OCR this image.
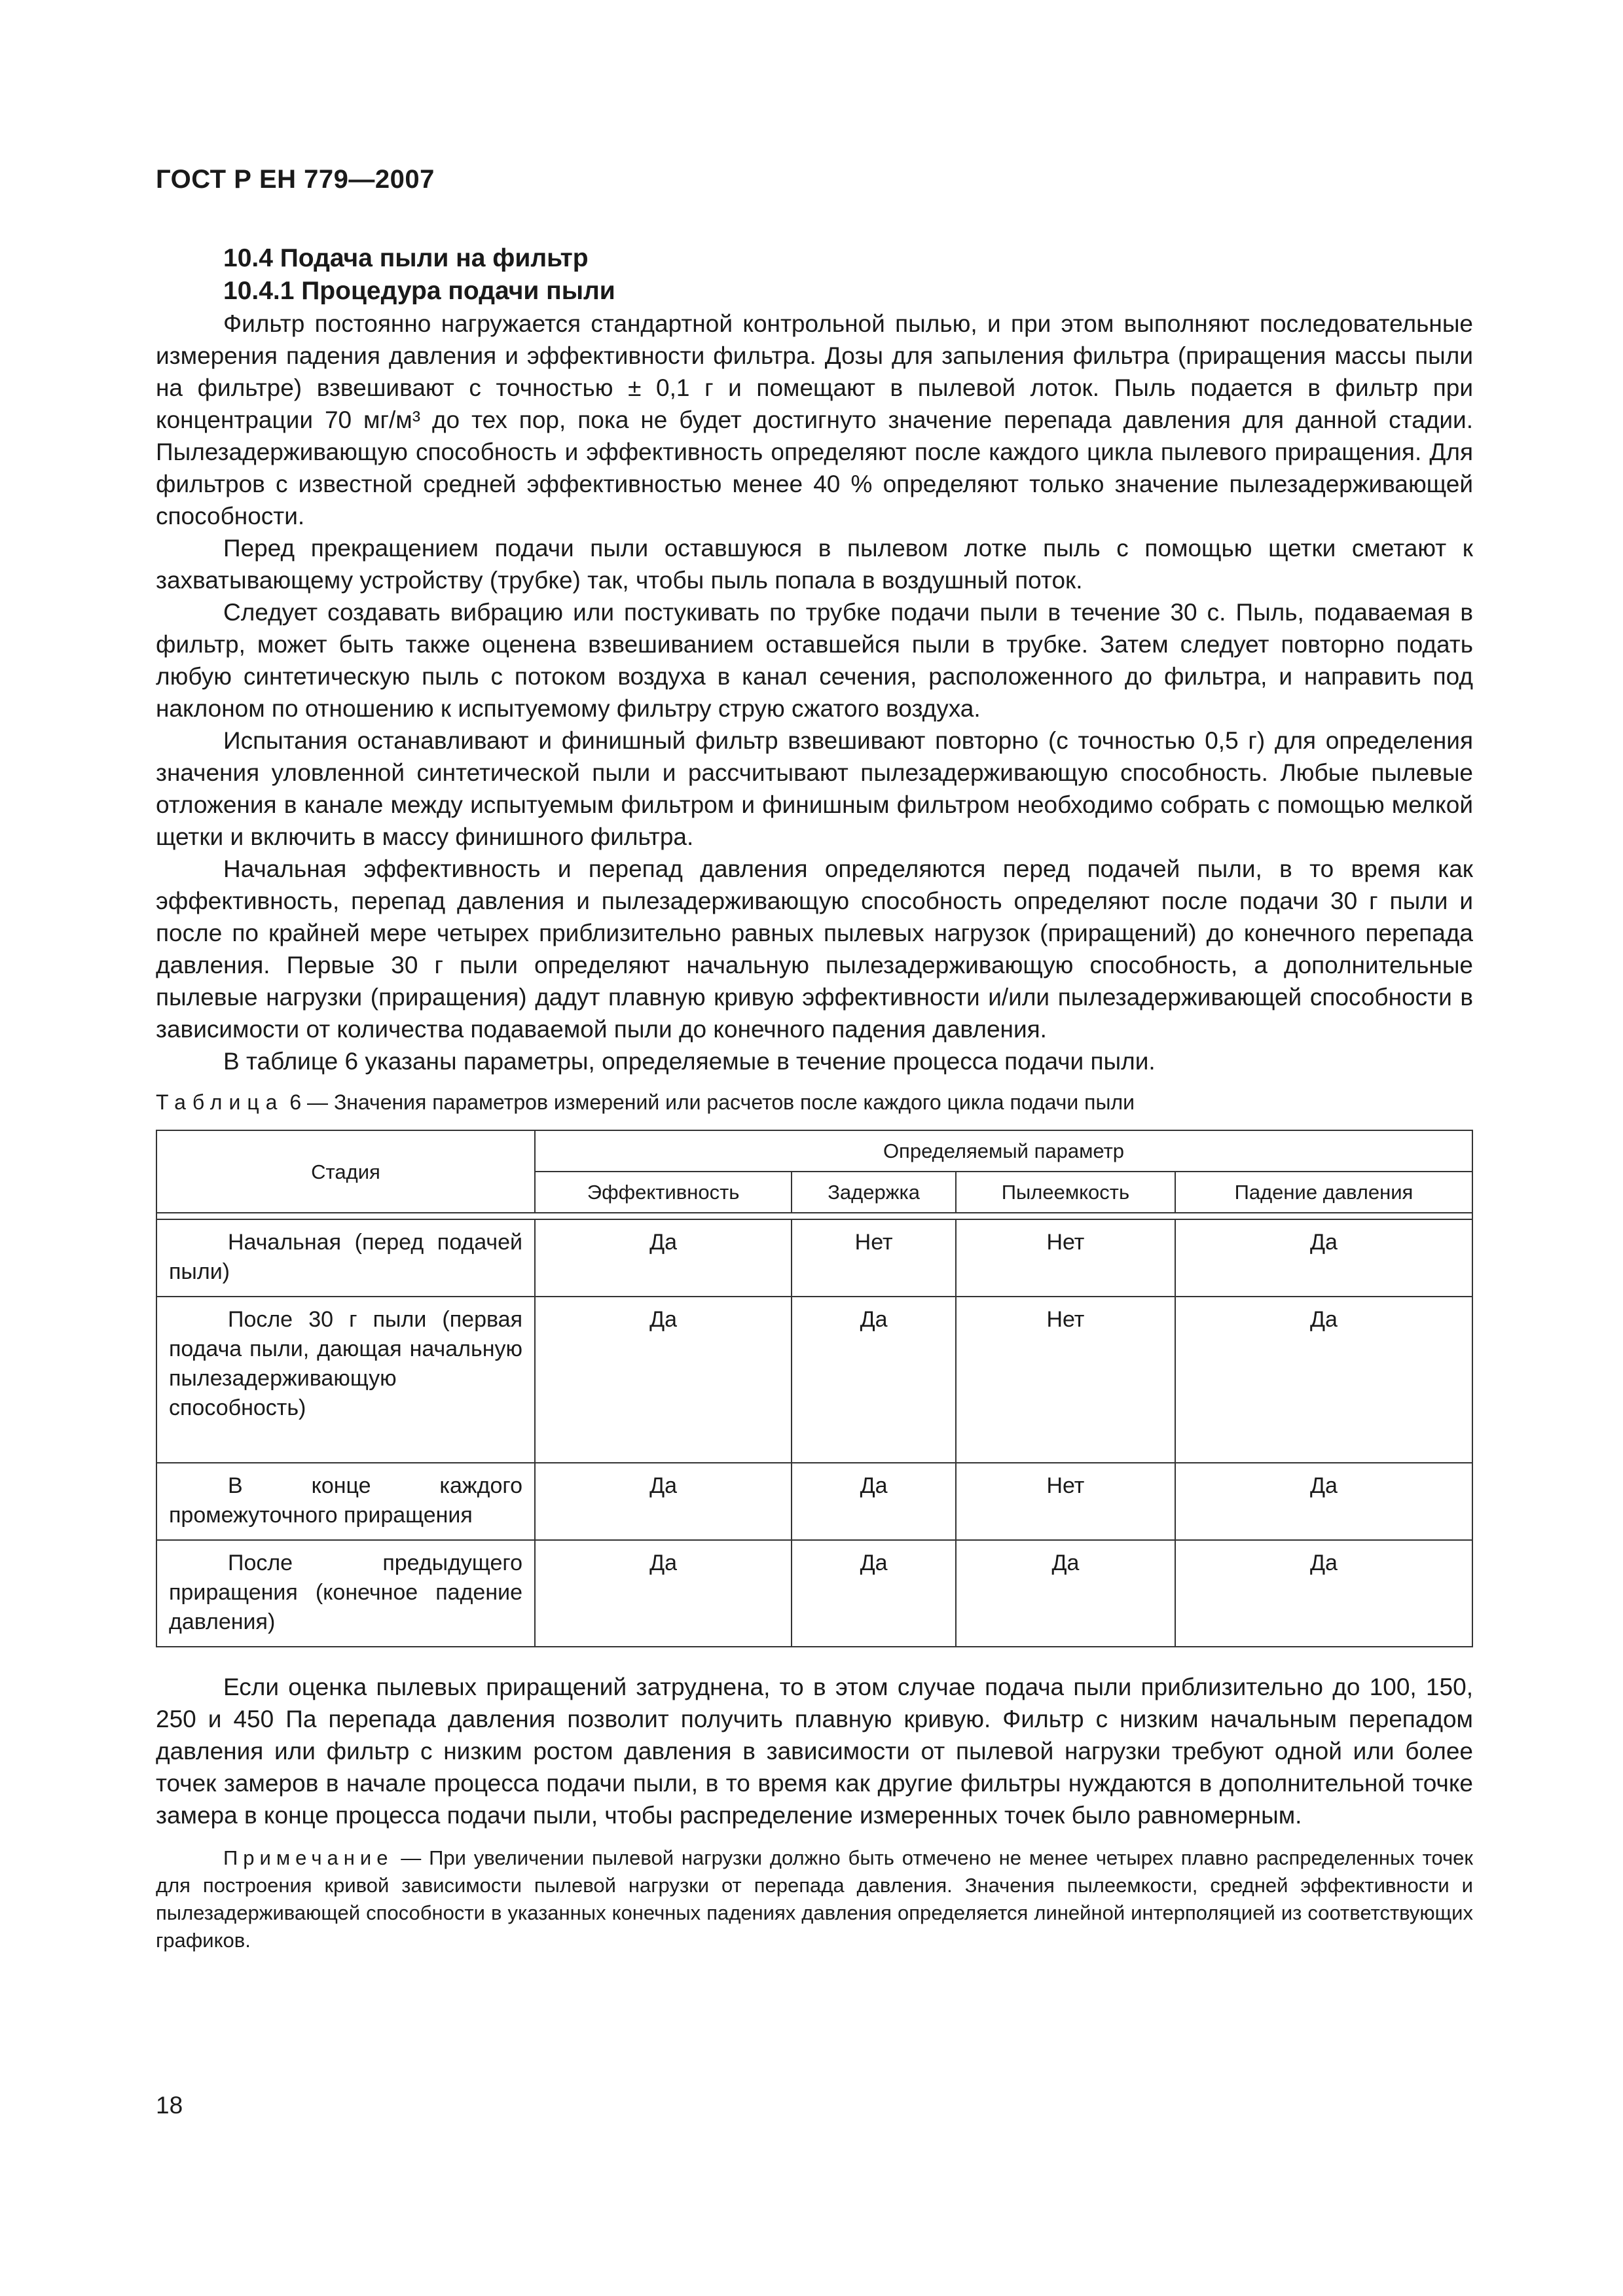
ГОСТ Р ЕН 779—2007
10.4 Подача пыли на фильтр
10.4.1 Процедура подачи пыли

Фильтр постоянно нагружается стандартной контрольной пылью, и при этом выполняют последовательные измерения падения давления и эффективности фильтра. Дозы для запыления фильтра (приращения массы пыли на фильтре) взвешивают с точностью ± 0,1 г и помещают в пылевой лоток. Пыль подается в фильтр при концентрации 70 мг/м³ до тех пор, пока не будет достигнуто значение перепада давления для данной стадии. Пылезадерживающую способность и эффективность определяют после каждого цикла пылевого приращения. Для фильтров с известной средней эффективностью менее 40 % определяют только значение пылезадерживающей способности.

Перед прекращением подачи пыли оставшуюся в пылевом лотке пыль с помощью щетки сметают к захватывающему устройству (трубке) так, чтобы пыль попала в воздушный поток.

Следует создавать вибрацию или постукивать по трубке подачи пыли в течение 30 с. Пыль, подаваемая в фильтр, может быть также оценена взвешиванием оставшейся пыли в трубке. Затем следует повторно подать любую синтетическую пыль с потоком воздуха в канал сечения, расположенного до фильтра, и направить под наклоном по отношению к испытуемому фильтру струю сжатого воздуха.

Испытания останавливают и финишный фильтр взвешивают повторно (с точностью 0,5 г) для определения значения уловленной синтетической пыли и рассчитывают пылезадерживающую способность. Любые пылевые отложения в канале между испытуемым фильтром и финишным фильтром необходимо собрать с помощью мелкой щетки и включить в массу финишного фильтра.

Начальная эффективность и перепад давления определяются перед подачей пыли, в то время как эффективность, перепад давления и пылезадерживающую способность определяют после подачи 30 г пыли и после по крайней мере четырех приблизительно равных пылевых нагрузок (приращений) до конечного перепада давления. Первые 30 г пыли определяют начальную пылезадерживающую способность, а дополнительные пылевые нагрузки (приращения) дадут плавную кривую эффективности и/или пылезадерживающей способности в зависимости от количества подаваемой пыли до конечного падения давления.

В таблице 6 указаны параметры, определяемые в течение процесса подачи пыли.

Таблица 6 — Значения параметров измерений или расчетов после каждого цикла подачи пыли
Стадия	Определяемый параметр			
	Эффективность	Задержка	Пылеемкость	Падение давления

Начальная (перед подачей пыли)	Да	Нет	Нет	Да
После 30 г пыли (первая подача пыли, дающая начальную пылезадерживающую способность)	Да	Да	Нет	Да
В конце каждого промежуточного приращения	Да	Да	Нет	Да
После предыдущего приращения (конечное падение давления)	Да	Да	Да	Да

Если оценка пылевых приращений затруднена, то в этом случае подача пыли приблизительно до 100, 150, 250 и 450 Па перепада давления позволит получить плавную кривую. Фильтр с низким начальным перепадом давления или фильтр с низким ростом давления в зависимости от пылевой нагрузки требуют одной или более точек замеров в начале процесса подачи пыли, в то время как другие фильтры нуждаются в дополнительной точке замера в конце процесса подачи пыли, чтобы распределение измеренных точек было равномерным.

Примечание — При увеличении пылевой нагрузки должно быть отмечено не менее четырех плавно распределенных точек для построения кривой зависимости пылевой нагрузки от перепада давления. Значения пылеемкости, средней эффективности и пылезадерживающей способности в указанных конечных падениях давления определяется линейной интерполяцией из соответствующих графиков.
18
